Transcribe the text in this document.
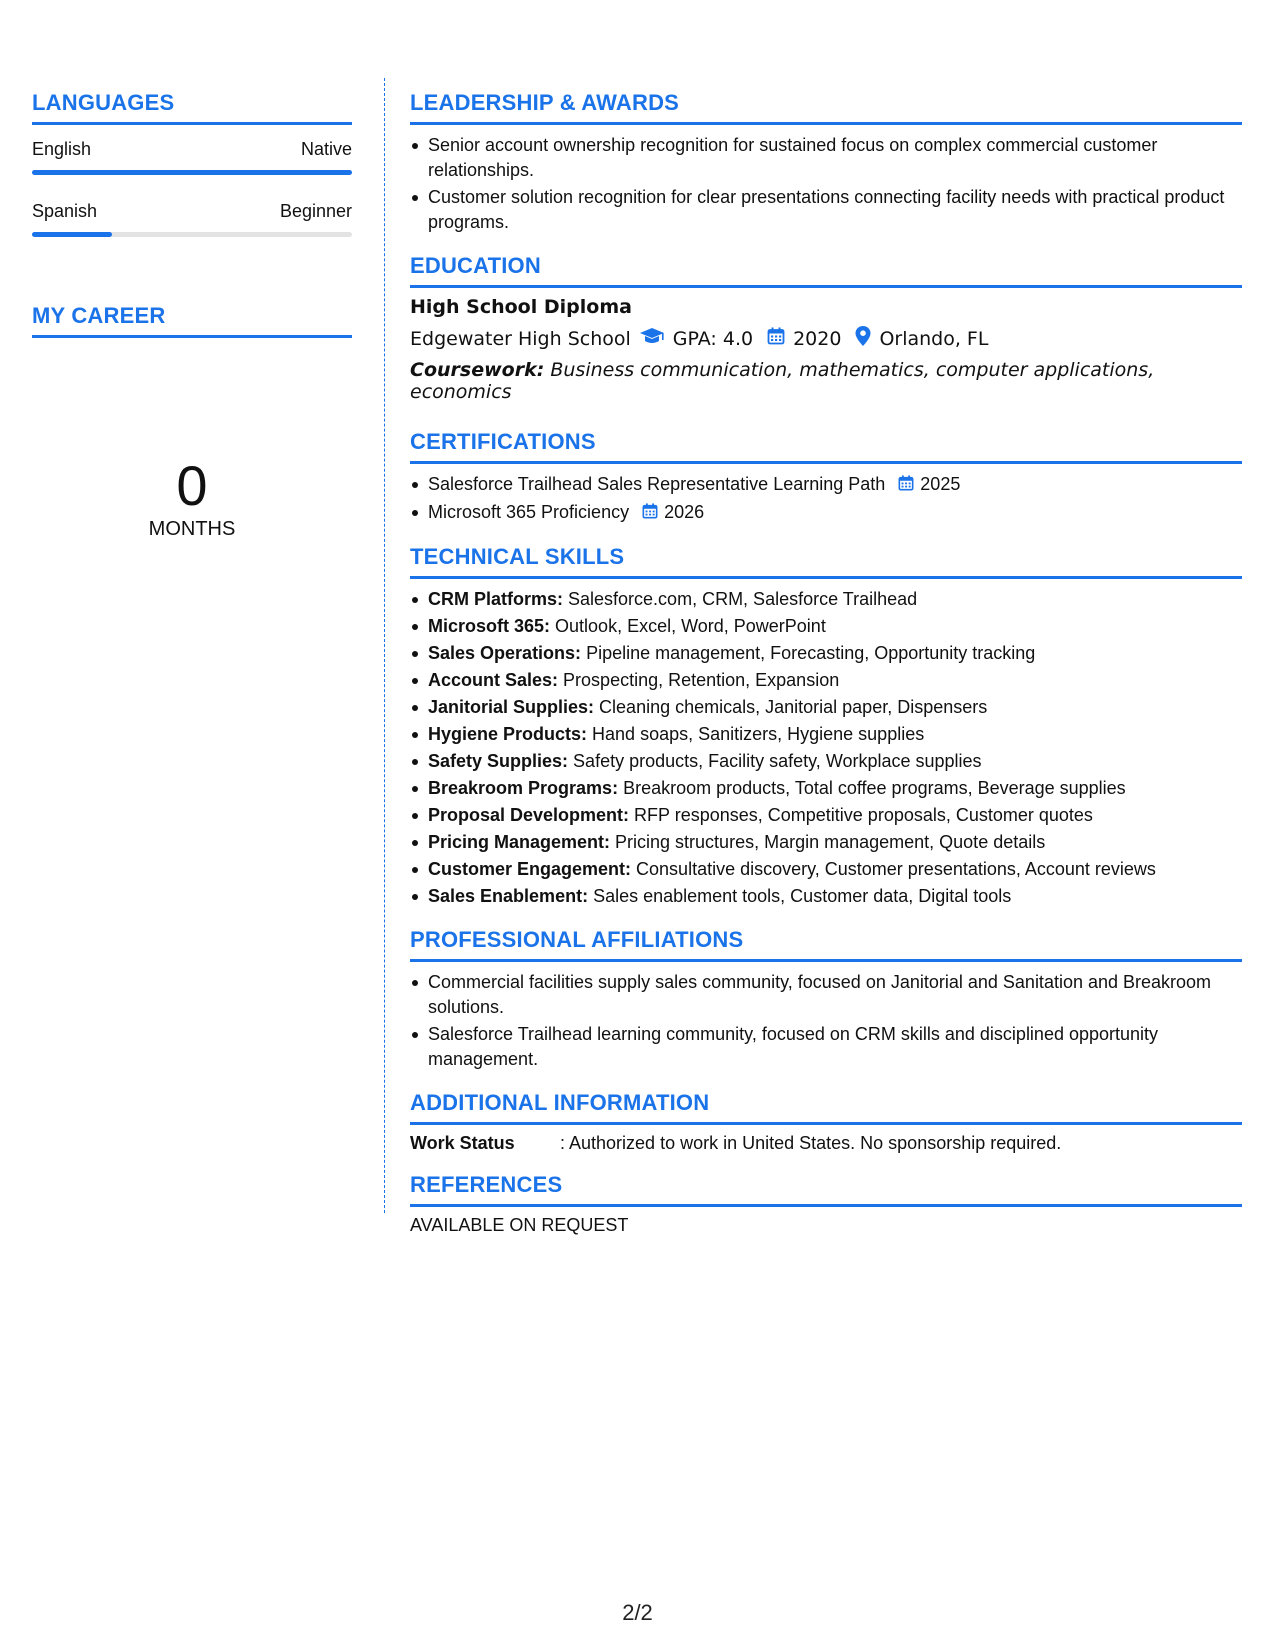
LANGUAGES
English	Native
Spanish	Beginner
MY CAREER
0
MONTHS
LEADERSHIP & AWARDS
Senior account ownership recognition for sustained focus on complex commercial customer relationships.
Customer solution recognition for clear presentations connecting facility needs with practical product programs.
EDUCATION
High School Diploma
Edgewater High School GPA: 4.0 2020 Orlando, FL
Coursework: Business communication, mathematics, computer applications, economics
CERTIFICATIONS
Salesforce Trailhead Sales Representative Learning Path 2025
Microsoft 365 Proficiency 2026
TECHNICAL SKILLS
CRM Platforms: Salesforce.com, CRM, Salesforce Trailhead
Microsoft 365: Outlook, Excel, Word, PowerPoint
Sales Operations: Pipeline management, Forecasting, Opportunity tracking
Account Sales: Prospecting, Retention, Expansion
Janitorial Supplies: Cleaning chemicals, Janitorial paper, Dispensers
Hygiene Products: Hand soaps, Sanitizers, Hygiene supplies
Safety Supplies: Safety products, Facility safety, Workplace supplies
Breakroom Programs: Breakroom products, Total coffee programs, Beverage supplies
Proposal Development: RFP responses, Competitive proposals, Customer quotes
Pricing Management: Pricing structures, Margin management, Quote details
Customer Engagement: Consultative discovery, Customer presentations, Account reviews
Sales Enablement: Sales enablement tools, Customer data, Digital tools
PROFESSIONAL AFFILIATIONS
Commercial facilities supply sales community, focused on Janitorial and Sanitation and Breakroom solutions.
Salesforce Trailhead learning community, focused on CRM skills and disciplined opportunity management.
ADDITIONAL INFORMATION
Work Status	: Authorized to work in United States. No sponsorship required.
REFERENCES
AVAILABLE ON REQUEST
2/2
